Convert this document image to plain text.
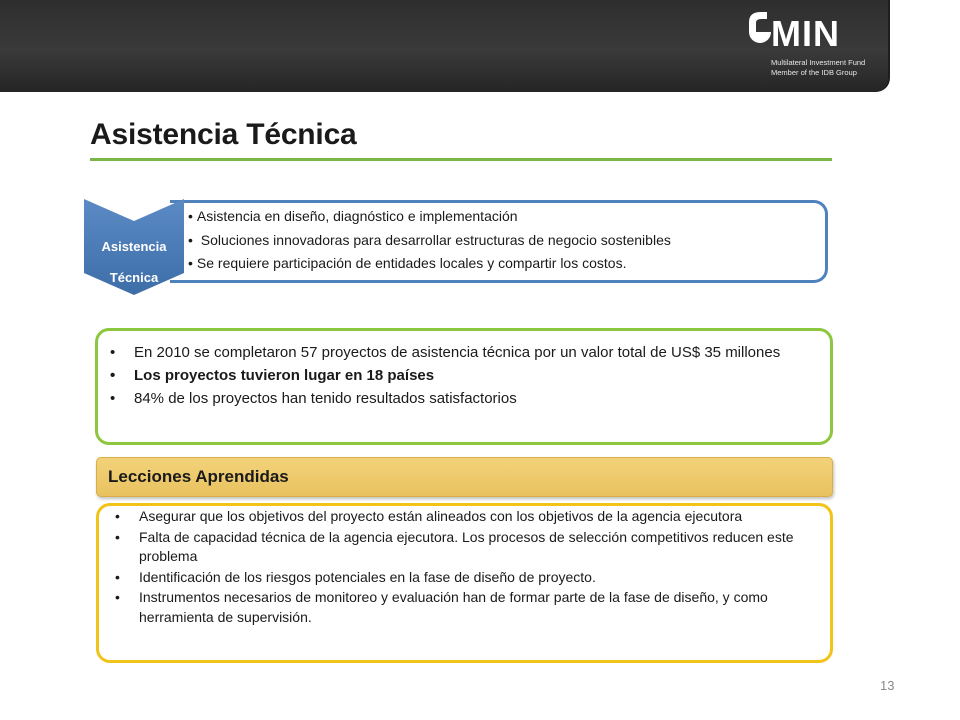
MIN
Multilateral Investment Fund
Member of the IDB Group
Asistencia Técnica
Asistencia
Técnica
• Asistencia en diseño, diagnóstico e implementación
• Soluciones innovadoras para desarrollar estructuras de negocio sostenibles
• Se requiere participación de entidades locales y compartir los costos.
• En 2010 se completaron 57 proyectos de asistencia técnica por un valor total de US$ 35 millones
• Los proyectos tuvieron lugar en 18 países
• 84% de los proyectos han tenido resultados satisfactorios
Lecciones Aprendidas
• Asegurar que los objetivos del proyecto están alineados con los objetivos de la agencia ejecutora
• Falta de capacidad técnica de la agencia ejecutora. Los procesos de selección competitivos reducen este problema
• Identificación de los riesgos potenciales en la fase de diseño de proyecto.
• Instrumentos necesarios de monitoreo y evaluación han de formar parte de la fase de diseño, y como herramienta de supervisión.
13
